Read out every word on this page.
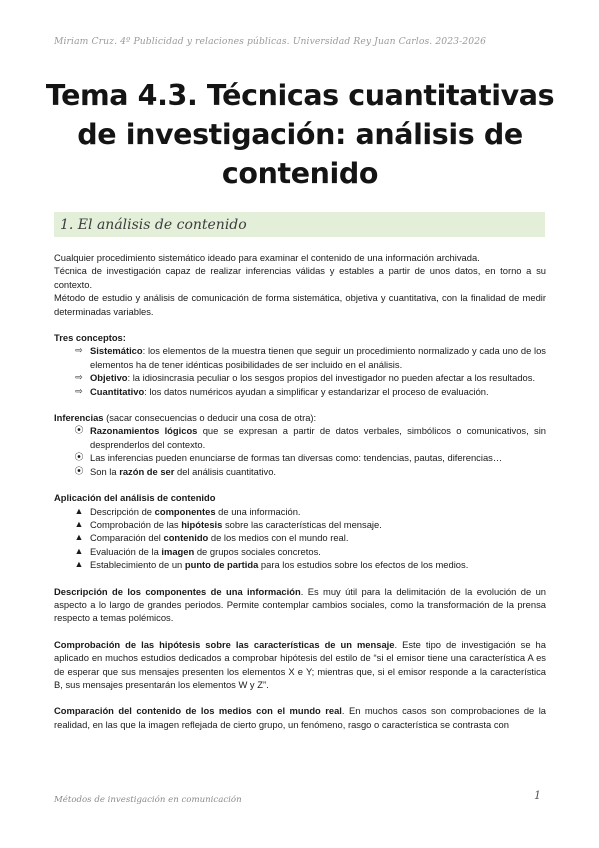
Miriam Cruz. 4º Publicidad y relaciones públicas. Universidad Rey Juan Carlos. 2023-2026
Tema 4.3. Técnicas cuantitativas de investigación: análisis de contenido
1. El análisis de contenido

Cualquier procedimiento sistemático ideado para examinar el contenido de una información archivada.

Técnica de investigación capaz de realizar inferencias válidas y estables a partir de unos datos, en torno a su contexto.

Método de estudio y análisis de comunicación de forma sistemática, objetiva y cuantitativa, con la finalidad de medir determinadas variables.

Tres conceptos:

⇨ Sistemático: los elementos de la muestra tienen que seguir un procedimiento normalizado y cada uno de los elementos ha de tener idénticas posibilidades de ser incluido en el análisis.
⇨ Objetivo: la idiosincrasia peculiar o los sesgos propios del investigador no pueden afectar a los resultados.
⇨ Cuantitativo: los datos numéricos ayudan a simplificar y estandarizar el proceso de evaluación.

Inferencias (sacar consecuencias o deducir una cosa de otra):

⦿ Razonamientos lógicos que se expresan a partir de datos verbales, simbólicos o comunicativos, sin desprenderlos del contexto.
⦿ Las inferencias pueden enunciarse de formas tan diversas como: tendencias, pautas, diferencias…
⦿ Son la razón de ser del análisis cuantitativo.

Aplicación del análisis de contenido

▲ Descripción de componentes de una información.
▲ Comprobación de las hipótesis sobre las características del mensaje.
▲ Comparación del contenido de los medios con el mundo real.
▲ Evaluación de la imagen de grupos sociales concretos.
▲ Establecimiento de un punto de partida para los estudios sobre los efectos de los medios.

Descripción de los componentes de una información. Es muy útil para la delimitación de la evolución de un aspecto a lo largo de grandes periodos. Permite contemplar cambios sociales, como la transformación de la prensa respecto a temas polémicos.

Comprobación de las hipótesis sobre las características de un mensaje. Este tipo de investigación se ha aplicado en muchos estudios dedicados a comprobar hipótesis del estilo de “si el emisor tiene una característica A es de esperar que sus mensajes presenten los elementos X e Y; mientras que, si el emisor responde a la característica B, sus mensajes presentarán los elementos W y Z”.

Comparación del contenido de los medios con el mundo real. En muchos casos son comprobaciones de la realidad, en las que la imagen reflejada de cierto grupo, un fenómeno, rasgo o característica se contrasta con

Métodos de investigación en comunicación	1
